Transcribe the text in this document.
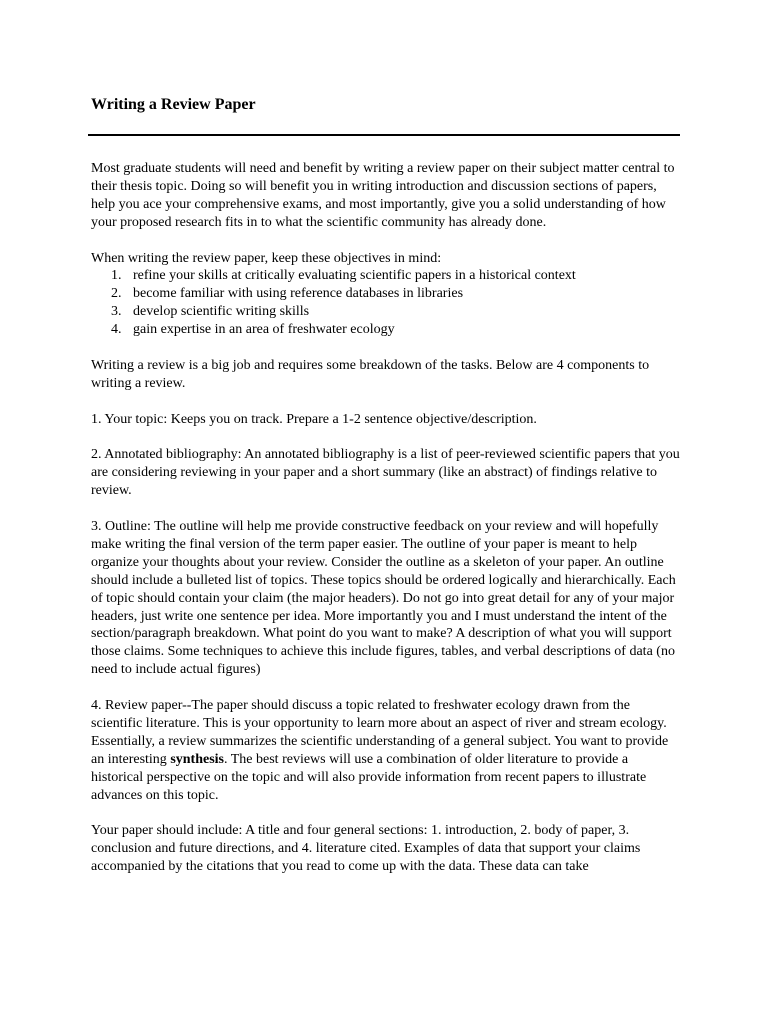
Writing a Review Paper

Most graduate students will need and benefit by writing a review paper on their subject matter central to their thesis topic. Doing so will benefit you in writing introduction and discussion sections of papers, help you ace your comprehensive exams, and most importantly, give you a solid understanding of how your proposed research fits in to what the scientific community has already done.

When writing the review paper, keep these objectives in mind:

1. refine your skills at critically evaluating scientific papers in a historical context
2. become familiar with using reference databases in libraries
3. develop scientific writing skills
4. gain expertise in an area of freshwater ecology

Writing a review is a big job and requires some breakdown of the tasks. Below are 4 components to writing a review.

1. Your topic: Keeps you on track. Prepare a 1-2 sentence objective/description.

2. Annotated bibliography: An annotated bibliography is a list of peer-reviewed scientific papers that you are considering reviewing in your paper and a short summary (like an abstract) of findings relative to review.

3. Outline: The outline will help me provide constructive feedback on your review and will hopefully make writing the final version of the term paper easier. The outline of your paper is meant to help organize your thoughts about your review. Consider the outline as a skeleton of your paper. An outline should include a bulleted list of topics. These topics should be ordered logically and hierarchically. Each of topic should contain your claim (the major headers). Do not go into great detail for any of your major headers, just write one sentence per idea. More importantly you and I must understand the intent of the section/paragraph breakdown. What point do you want to make? A description of what you will support those claims. Some techniques to achieve this include figures, tables, and verbal descriptions of data (no need to include actual figures)

4. Review paper--The paper should discuss a topic related to freshwater ecology drawn from the scientific literature. This is your opportunity to learn more about an aspect of river and stream ecology. Essentially, a review summarizes the scientific understanding of a general subject. You want to provide an interesting synthesis. The best reviews will use a combination of older literature to provide a historical perspective on the topic and will also provide information from recent papers to illustrate advances on this topic.

Your paper should include: A title and four general sections: 1. introduction, 2. body of paper, 3. conclusion and future directions, and 4. literature cited. Examples of data that support your claims accompanied by the citations that you read to come up with the data. These data can take
